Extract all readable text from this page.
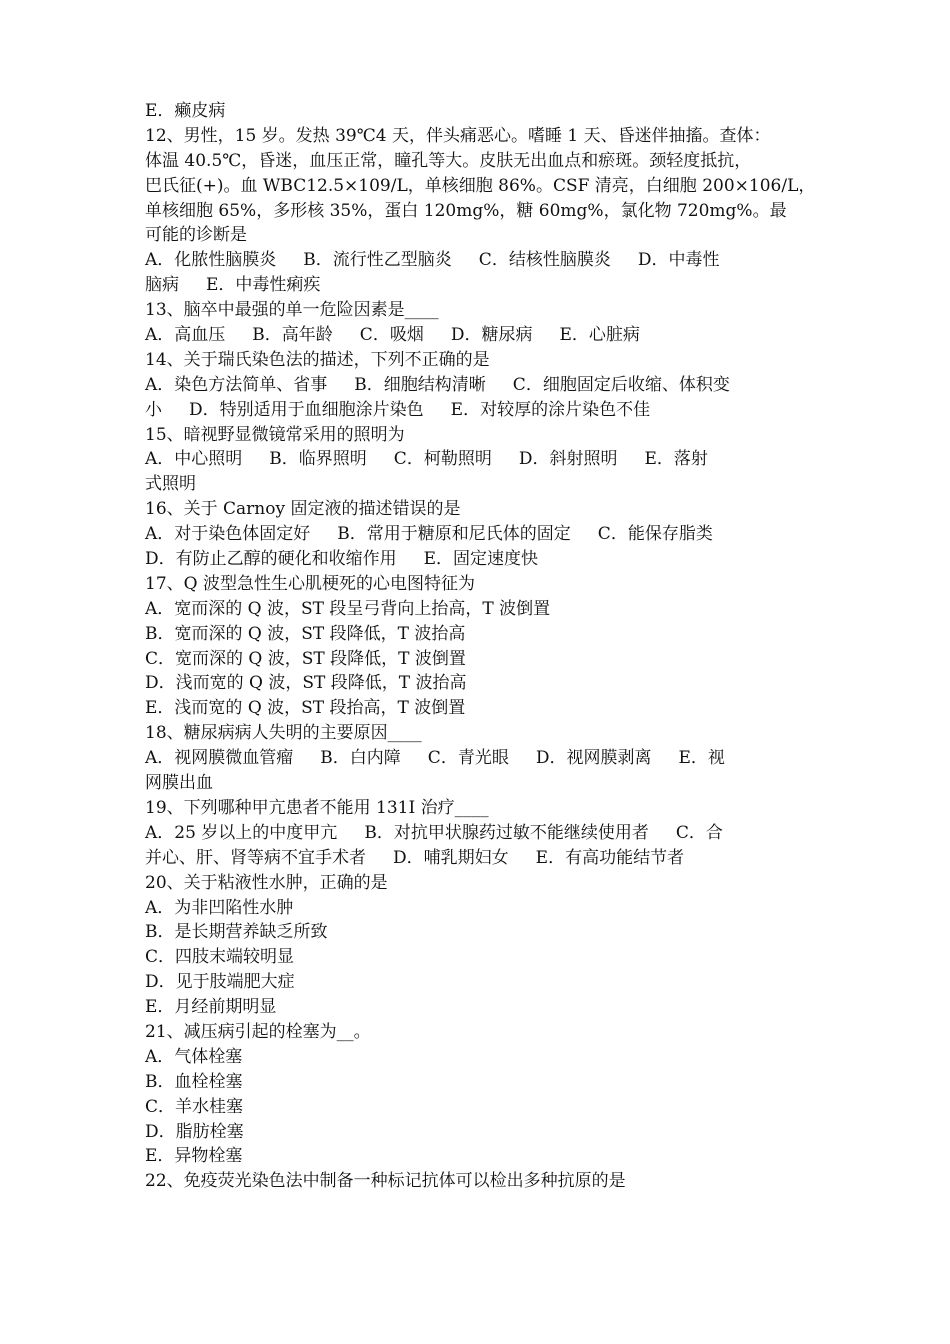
E．癞皮病
12、男性，15 岁。发热 39℃4 天，伴头痛恶心。嗜睡 1 天、昏迷伴抽搐。查体：
体温 40.5℃，昏迷，血压正常，瞳孔等大。皮肤无出血点和瘀斑。颈轻度抵抗，
巴氏征(+)。血 WBC12.5×109/L，单核细胞 86%。CSF 清亮，白细胞 200×106/L，
单核细胞 65%，多形核 35%，蛋白 120mg%，糖 60mg%，氯化物 720mg%。最
可能的诊断是
A．化脓性脑膜炎     B．流行性乙型脑炎     C．结核性脑膜炎     D．中毒性
脑病     E．中毒性痢疾
13、脑卒中最强的单一危险因素是____
A．高血压     B．高年龄     C．吸烟     D．糖尿病     E．心脏病
14、关于瑞氏染色法的描述，下列不正确的是
A．染色方法简单、省事     B．细胞结构清晰     C．细胞固定后收缩、体积变
小     D．特别适用于血细胞涂片染色     E．对较厚的涂片染色不佳
15、暗视野显微镜常采用的照明为
A．中心照明     B．临界照明     C．柯勒照明     D．斜射照明     E．落射
式照明
16、关于 Carnoy 固定液的描述错误的是
A．对于染色体固定好     B．常用于糖原和尼氏体的固定     C．能保存脂类
D．有防止乙醇的硬化和收缩作用     E．固定速度快
17、Q 波型急性生心肌梗死的心电图特征为
A．宽而深的 Q 波，ST 段呈弓背向上抬高，T 波倒置
B．宽而深的 Q 波，ST 段降低，T 波抬高
C．宽而深的 Q 波，ST 段降低，T 波倒置
D．浅而宽的 Q 波，ST 段降低，T 波抬高
E．浅而宽的 Q 波，ST 段抬高，T 波倒置
18、糖尿病病人失明的主要原因____
A．视网膜微血管瘤     B．白内障     C．青光眼     D．视网膜剥离     E．视
网膜出血
19、下列哪种甲亢患者不能用 131I 治疗____
A．25 岁以上的中度甲亢     B．对抗甲状腺药过敏不能继续使用者     C．合
并心、肝、肾等病不宜手术者     D．哺乳期妇女     E．有高功能结节者
20、关于粘液性水肿，正确的是
A．为非凹陷性水肿
B．是长期营养缺乏所致
C．四肢末端较明显
D．见于肢端肥大症
E．月经前期明显
21、减压病引起的栓塞为__。
A．气体栓塞
B．血栓栓塞
C．羊水桂塞
D．脂肪栓塞
E．异物栓塞
22、免疫荧光染色法中制备一种标记抗体可以检出多种抗原的是
